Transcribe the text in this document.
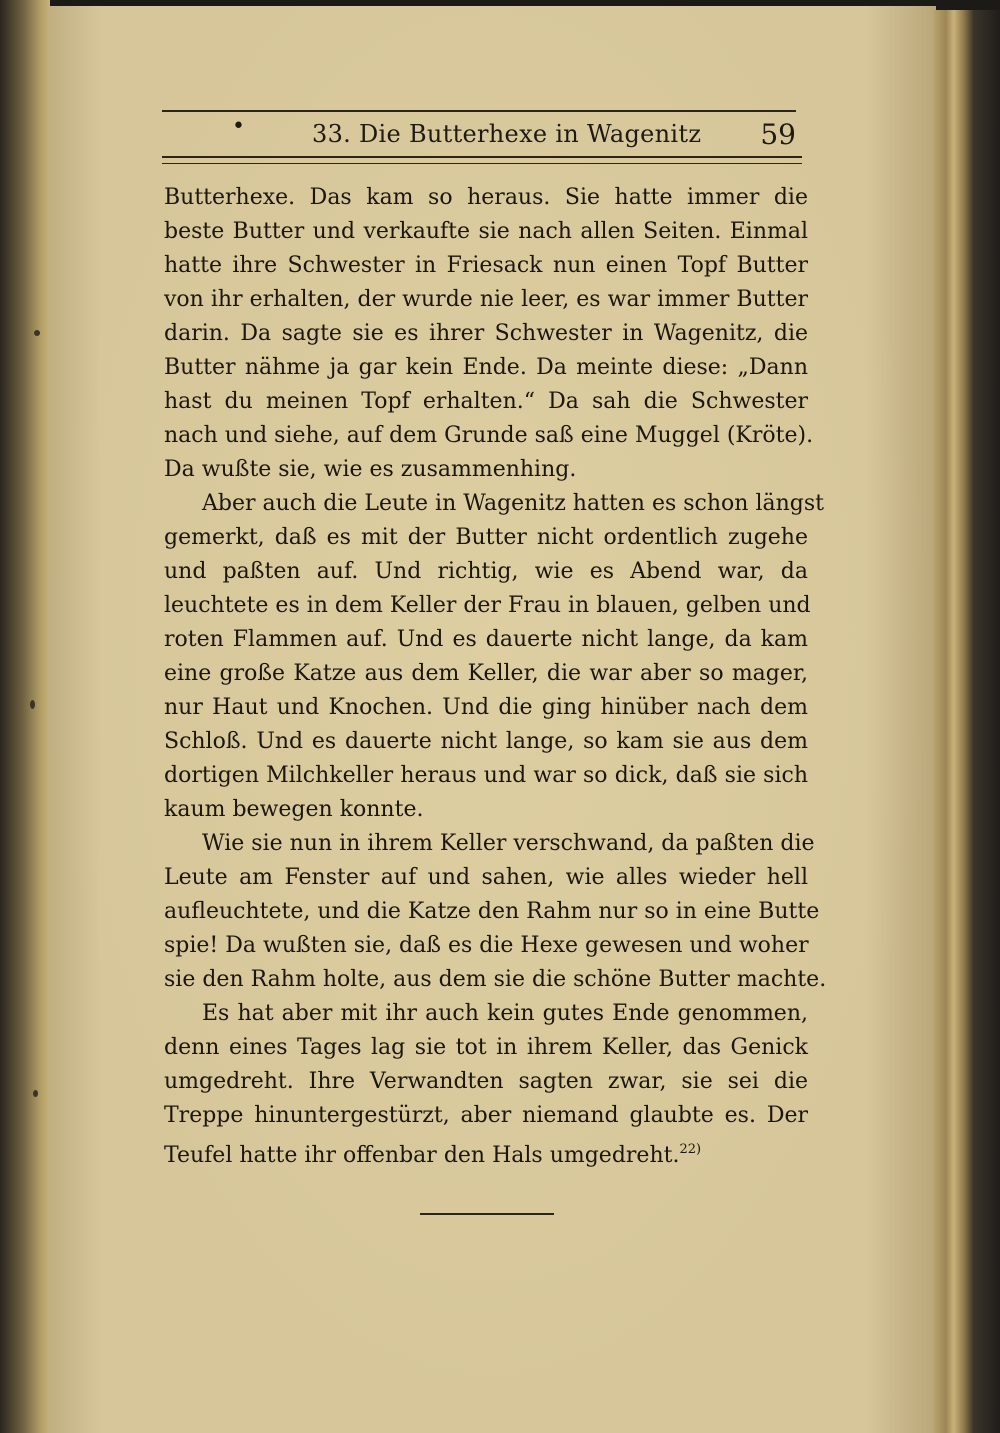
•	33. Die Butterhexe in Wagenitz 59
Butterhexe. Das kam so heraus. Sie hatte immer die
beste Butter und verkaufte sie nach allen Seiten. Einmal
hatte ihre Schwester in Friesack nun einen Topf Butter
von ihr erhalten, der wurde nie leer, es war immer Butter
darin. Da sagte sie es ihrer Schwester in Wagenitz, die
Butter nähme ja gar kein Ende. Da meinte diese: „Dann
hast du meinen Topf erhalten.“ Da sah die Schwester
nach und siehe, auf dem Grunde saß eine Muggel (Kröte).
Da wußte sie, wie es zusammenhing.
Aber auch die Leute in Wagenitz hatten es schon längst
gemerkt, daß es mit der Butter nicht ordentlich zugehe
und paßten auf. Und richtig, wie es Abend war, da
leuchtete es in dem Keller der Frau in blauen, gelben und
roten Flammen auf. Und es dauerte nicht lange, da kam
eine große Katze aus dem Keller, die war aber so mager,
nur Haut und Knochen. Und die ging hinüber nach dem
Schloß. Und es dauerte nicht lange, so kam sie aus dem
dortigen Milchkeller heraus und war so dick, daß sie sich
kaum bewegen konnte.
Wie sie nun in ihrem Keller verschwand, da paßten die
Leute am Fenster auf und sahen, wie alles wieder hell
aufleuchtete, und die Katze den Rahm nur so in eine Butte
spie! Da wußten sie, daß es die Hexe gewesen und woher
sie den Rahm holte, aus dem sie die schöne Butter machte.
Es hat aber mit ihr auch kein gutes Ende genommen,
denn eines Tages lag sie tot in ihrem Keller, das Genick
umgedreht. Ihre Verwandten sagten zwar, sie sei die
Treppe hinuntergestürzt, aber niemand glaubte es. Der
Teufel hatte ihr offenbar den Hals umgedreht.$^{22)}$
